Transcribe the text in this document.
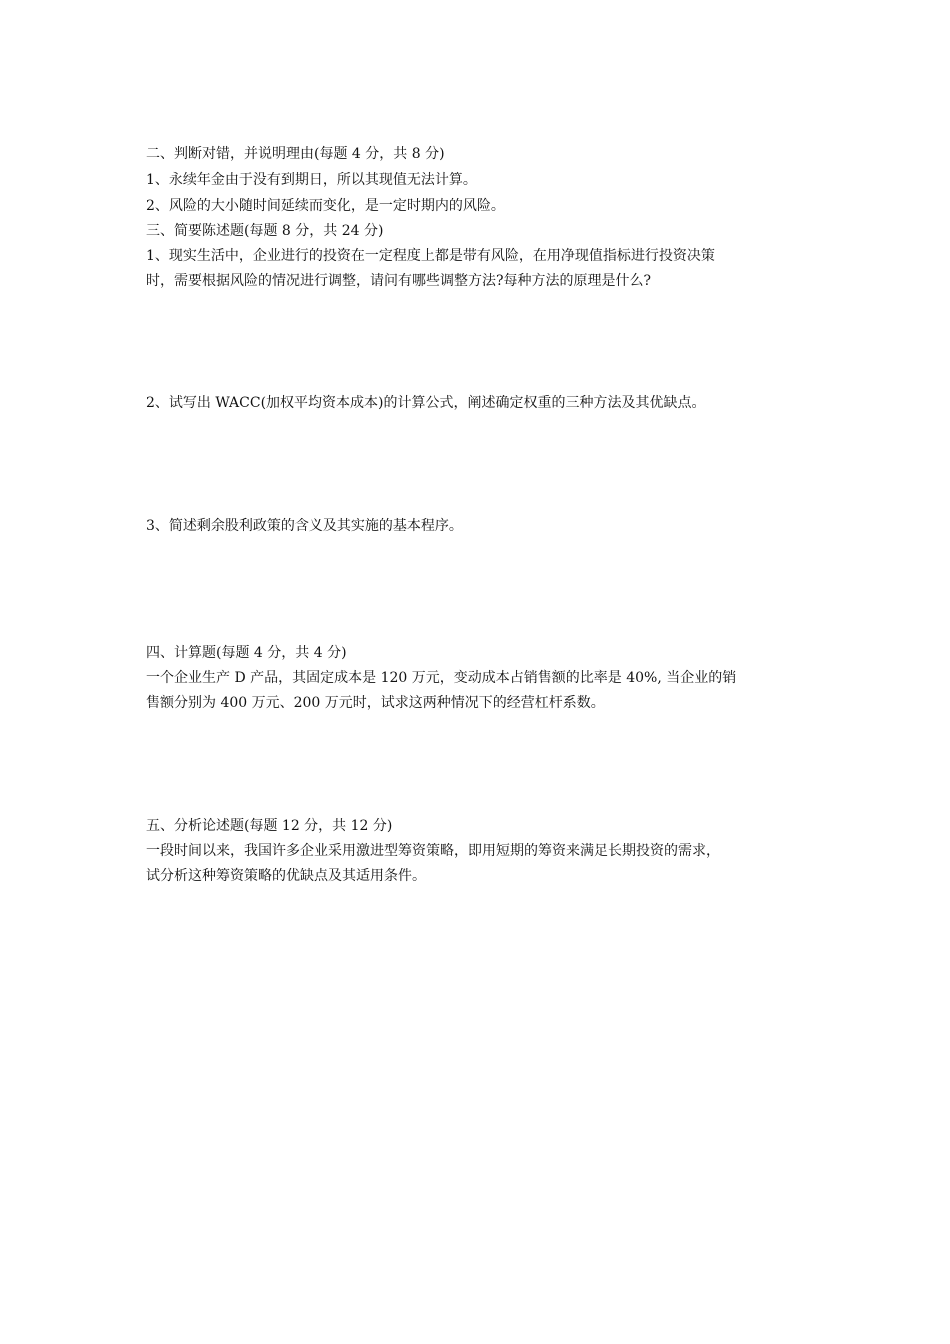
二、判断对错，并说明理由(每题 4 分，共 8 分)
1、永续年金由于没有到期日，所以其现值无法计算。
2、风险的大小随时间延续而变化，是一定时期内的风险。
三、简要陈述题(每题 8 分，共 24 分)
1、现实生活中，企业进行的投资在一定程度上都是带有风险，在用净现值指标进行投资决策
时，需要根据风险的情况进行调整，请问有哪些调整方法?每种方法的原理是什么?
2、试写出 WACC(加权平均资本成本)的计算公式，阐述确定权重的三种方法及其优缺点。
3、简述剩余股利政策的含义及其实施的基本程序。
四、计算题(每题 4 分，共 4 分)
一个企业生产 D 产品，其固定成本是 120 万元，变动成本占销售额的比率是 40%, 当企业的销
售额分别为 400 万元、200 万元时，试求这两种情况下的经营杠杆系数。
五、分析论述题(每题 12 分，共 12 分)
一段时间以来，我国许多企业采用激进型筹资策略，即用短期的筹资来满足长期投资的需求，
试分析这种筹资策略的优缺点及其适用条件。
